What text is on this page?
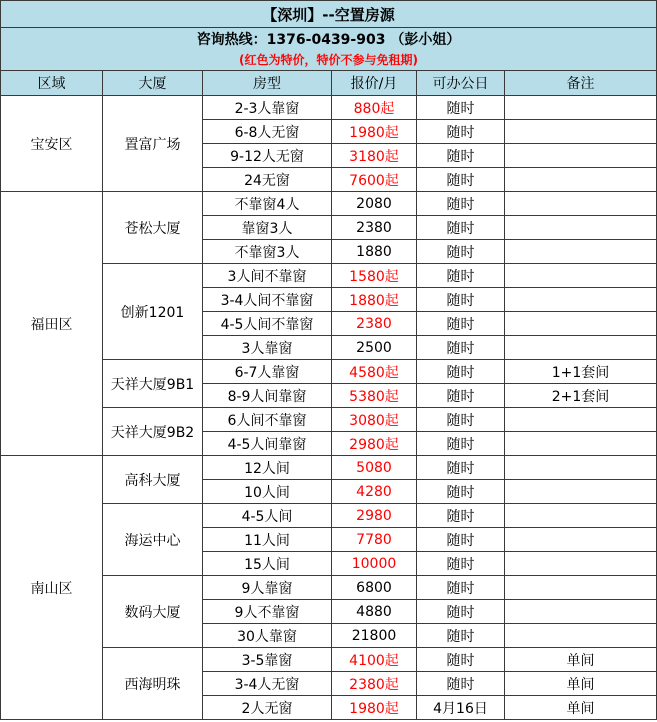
【深圳】--空置房源					
咨询热线：1376-0439-903 （彭小姐）					
(红色为特价，特价不参与免租期)					
区域	大厦	房型	报价/月	可办公日	备注
宝安区	置富广场	2-3人靠窗	880起	随时	
		6-8人无窗	1980起	随时	
		9-12人无窗	3180起	随时	
		24无窗	7600起	随时	
福田区	苍松大厦	不靠窗4人	2080	随时	
		靠窗3人	2380	随时	
		不靠窗3人	1880	随时	
	创新1201	3人间不靠窗	1580起	随时	
		3-4人间不靠窗	1880起	随时	
		4-5人间不靠窗	2380	随时	
		3人靠窗	2500	随时	
	天祥大厦9B1	6-7人靠窗	4580起	随时	1+1套间
		8-9人间靠窗	5380起	随时	2+1套间
	天祥大厦9B2	6人间不靠窗	3080起	随时	
		4-5人间靠窗	2980起	随时	
南山区	高科大厦	12人间	5080	随时	
		10人间	4280	随时	
	海运中心	4-5人间	2980	随时	
		11人间	7780	随时	
		15人间	10000	随时	
	数码大厦	9人靠窗	6800	随时	
		9人不靠窗	4880	随时	
		30人靠窗	21800	随时	
	西海明珠	3-5靠窗	4100起	随时	单间
		3-4人无窗	2380起	随时	单间
		2人无窗	1980起	4月16日	单间
